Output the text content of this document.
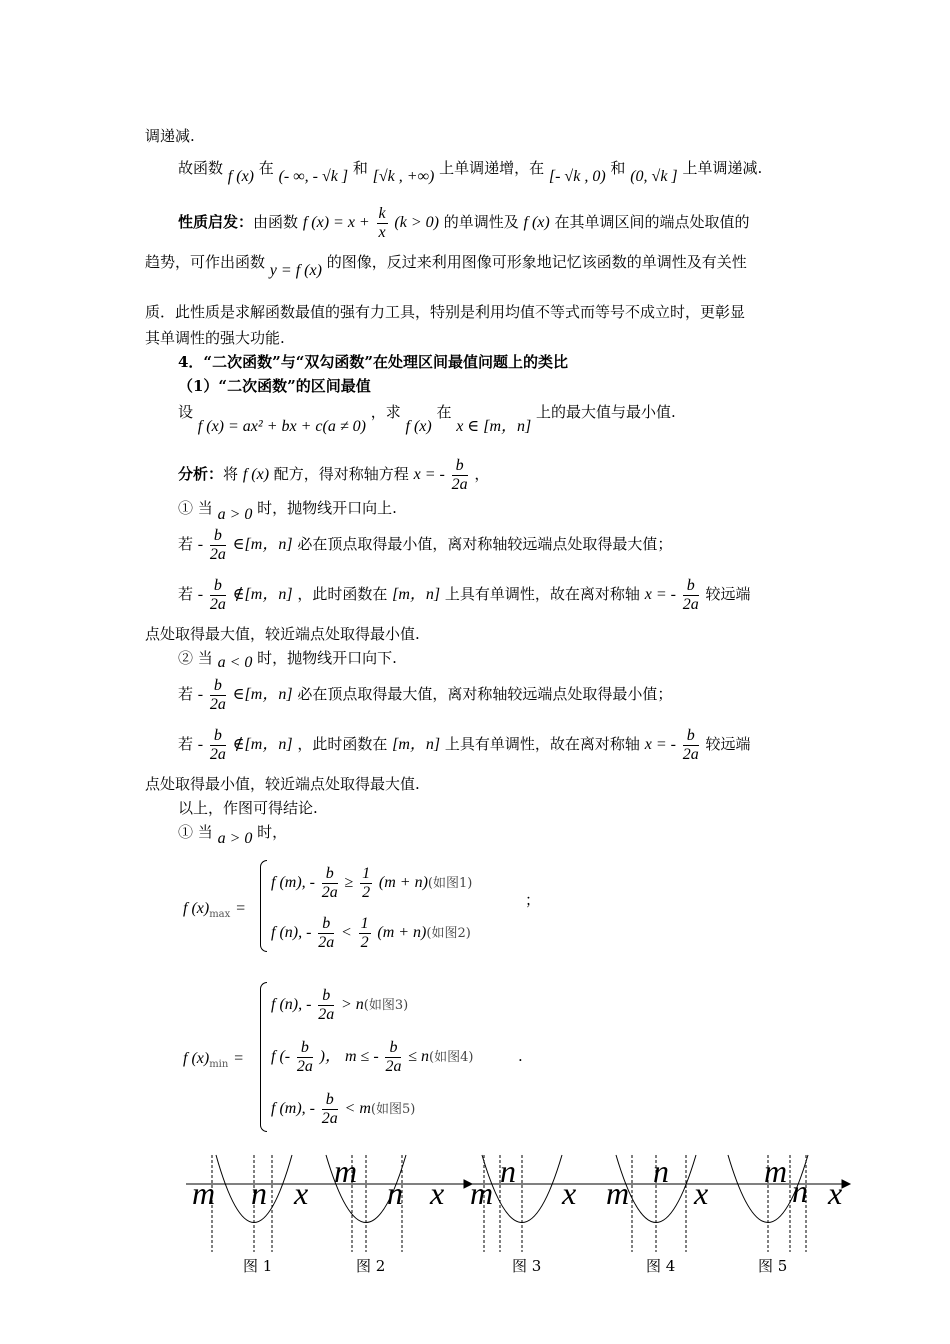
调递减.
故函数 f (x) 在 (- ∞, - √k ] 和 [√k , +∞) 上单调递增，在 [- √k , 0) 和 (0, √k ] 上单调递减.
性质启发：由函数 f $(x) = x + \frac{k}{x} (k > 0)$ 的单调性及 f (x) 在其单调区间的端点处取值的
趋势，可作出函数 y = f (x) 的图像，反过来利用图像可形象地记忆该函数的单调性及有关性
质．此性质是求解函数最值的强有力工具，特别是利用均值不等式而等号不成立时，更彰显
其单调性的强大功能.
4．“二次函数”与“双勾函数”在处理区间最值问题上的类比
（1）“二次函数”的区间最值
设 f (x) = ax² + bx + c(a ≠ 0) ，求 f (x) 在 x ∈ [m，n] 上的最大值与最小值.
分析：将 f (x) 配方，得对称轴方程 x = - $\frac{b}{2a}$ ，
① 当 a > 0 时，抛物线开口向上.
若 - $\frac{b}{2a}$ ∈[m，n] 必在顶点取得最小值，离对称轴较远端点处取得最大值；
若 - $\frac{b}{2a}$ ∉[m，n] ，此时函数在 [m，n] 上具有单调性，故在离对称轴 x = - $\frac{b}{2a}$ 较远端
点处取得最大值，较近端点处取得最小值.
② 当 a < 0 时，抛物线开口向下.
若 - $\frac{b}{2a}$ ∈[m，n] 必在顶点取得最大值，离对称轴较远端点处取得最小值；
若 - $\frac{b}{2a}$ ∉[m，n] ，此时函数在 [m，n] 上具有单调性，故在离对称轴 x = - $\frac{b}{2a}$ 较远端
点处取得最小值，较近端点处取得最大值.
以上，作图可得结论.
① 当 a > 0 时，
f $(x)_{max}$ =
f (m), - $\frac{b}{2a} \ge \frac{1}{2} (m + n)$(如图1)
f (n), - $\frac{b}{2a} < \frac{1}{2} (m + n)$(如图2)
；
f $(x)_{min}$ =
f (n), - $\frac{b}{2a} > n$(如图3)
f (- $\frac{b}{2a}$ )， m ≤ - $\frac{b}{2a} \le n$(如图4)
f (m), - $\frac{b}{2a} < m$(如图5)
.
m n x
m
n x m
n
x m
n
x
m
n x
图 1	图 2	图 3	图 4	图 5
